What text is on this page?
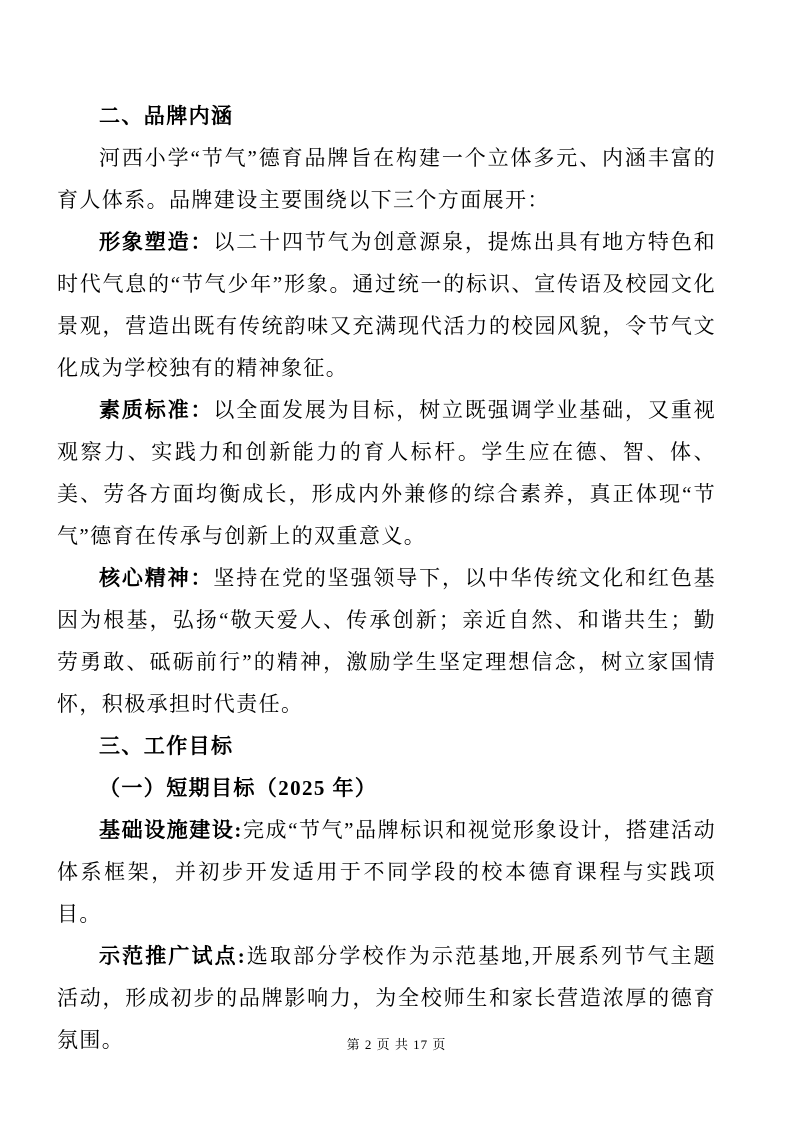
二、品牌内涵

河西小学“节气”德育品牌旨在构建一个立体多元、内涵丰富的育人体系。品牌建设主要围绕以下三个方面展开：

形象塑造：以二十四节气为创意源泉，提炼出具有地方特色和时代气息的“节气少年”形象。通过统一的标识、宣传语及校园文化景观，营造出既有传统韵味又充满现代活力的校园风貌，令节气文化成为学校独有的精神象征。

素质标准：以全面发展为目标，树立既强调学业基础，又重视观察力、实践力和创新能力的育人标杆。学生应在德、智、体、美、劳各方面均衡成长，形成内外兼修的综合素养，真正体现“节气”德育在传承与创新上的双重意义。

核心精神：坚持在党的坚强领导下，以中华传统文化和红色基因为根基，弘扬“敬天爱人、传承创新；亲近自然、和谐共生；勤劳勇敢、砥砺前行”的精神，激励学生坚定理想信念，树立家国情怀，积极承担时代责任。

三、工作目标
（一）短期目标（2025 年）

基础设施建设:完成“节气”品牌标识和视觉形象设计，搭建活动体系框架，并初步开发适用于不同学段的校本德育课程与实践项目。

示范推广试点:选取部分学校作为示范基地,开展系列节气主题活动，形成初步的品牌影响力，为全校师生和家长营造浓厚的德育氛围。	第 2 页 共 17 页
